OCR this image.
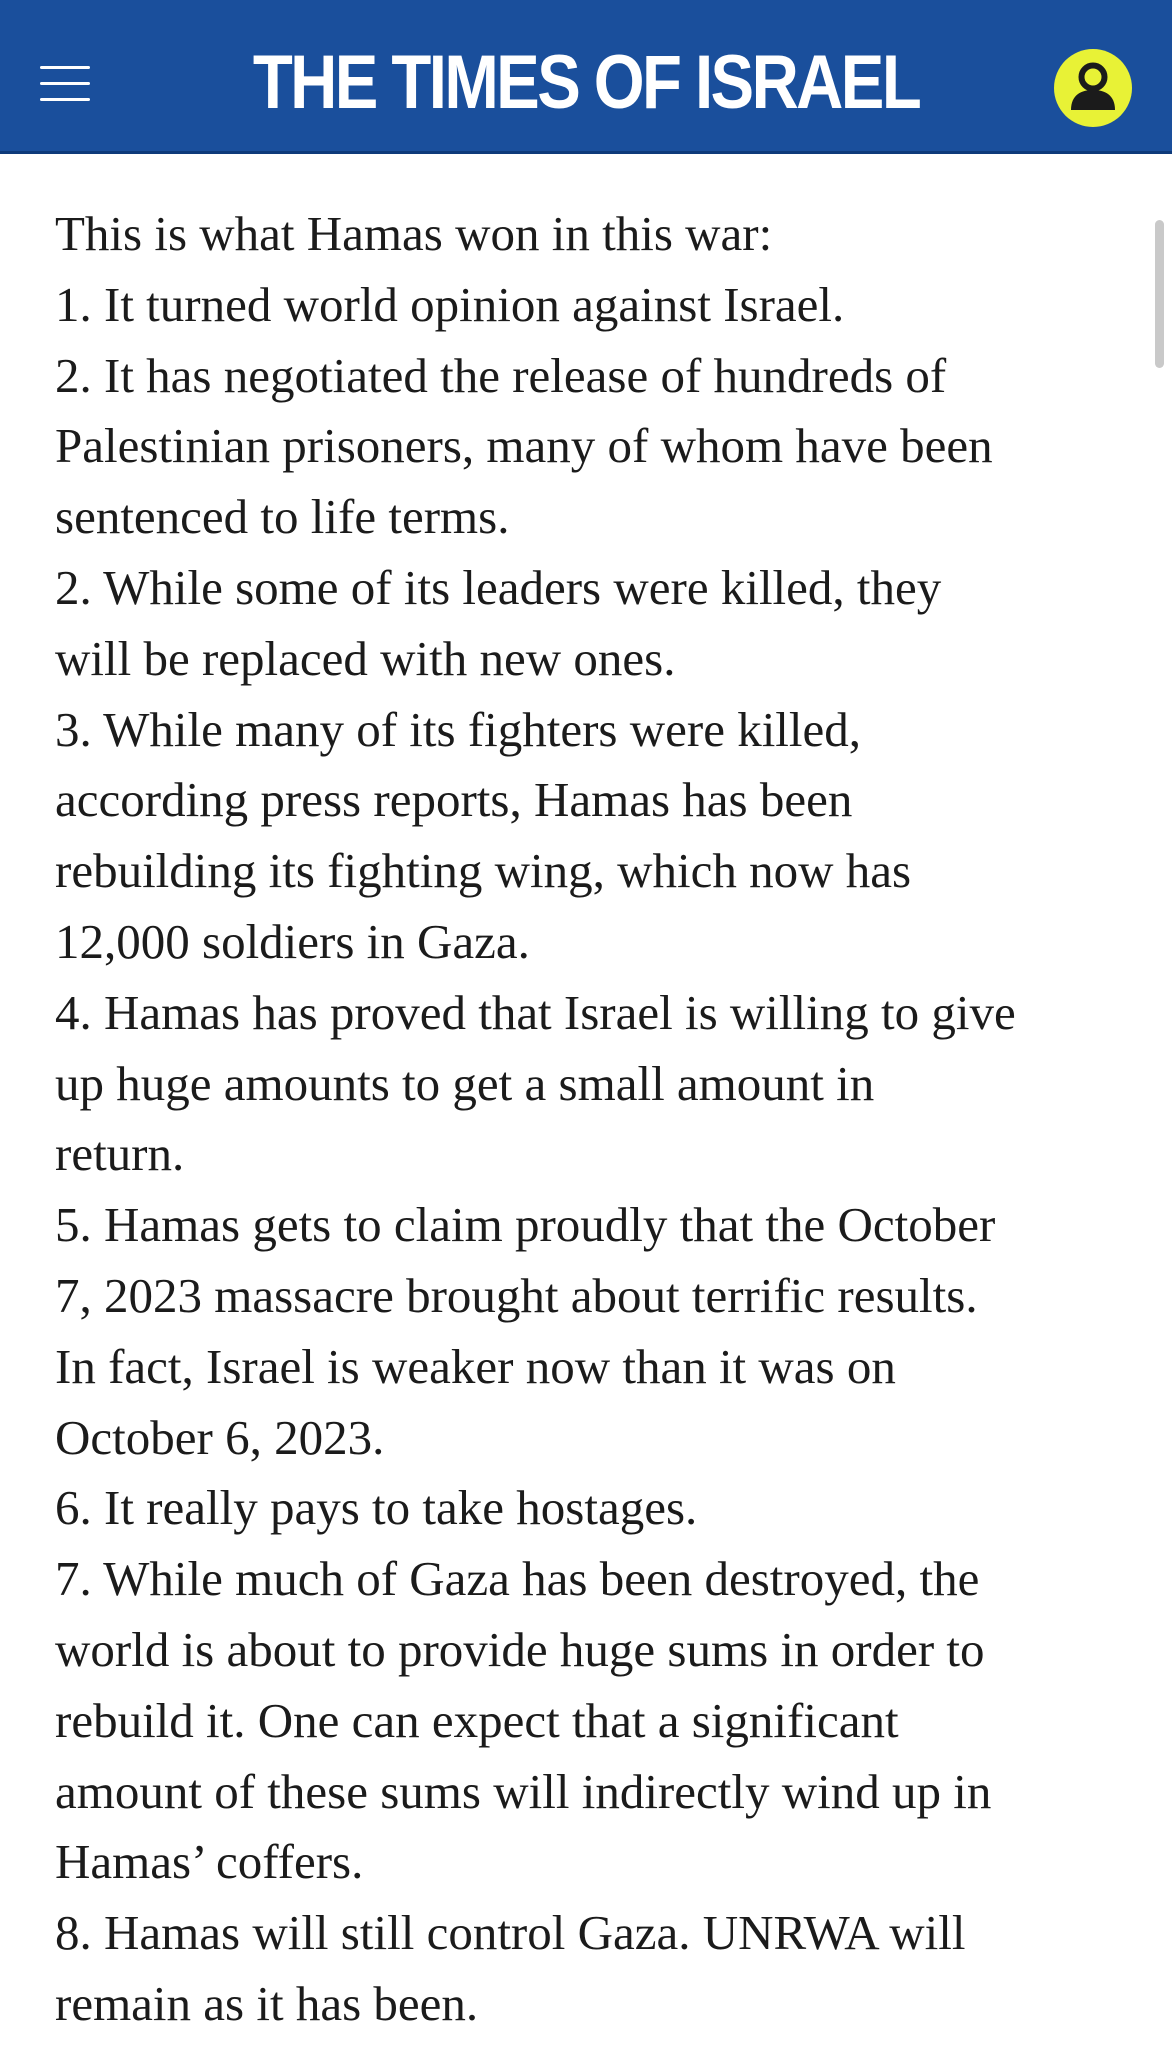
THE TIMES OF ISRAEL

This is what Hamas won in this war:

1. It turned world opinion against Israel.

2. It has negotiated the release of hundreds of

Palestinian prisoners, many of whom have been

sentenced to life terms.

2. While some of its leaders were killed, they

will be replaced with new ones.

3. While many of its fighters were killed,

according press reports, Hamas has been

rebuilding its fighting wing, which now has

12,000 soldiers in Gaza.

4. Hamas has proved that Israel is willing to give

up huge amounts to get a small amount in

return.

5. Hamas gets to claim proudly that the October

7, 2023 massacre brought about terrific results.

In fact, Israel is weaker now than it was on

October 6, 2023.

6. It really pays to take hostages.

7. While much of Gaza has been destroyed, the

world is about to provide huge sums in order to

rebuild it. One can expect that a significant

amount of these sums will indirectly wind up in

Hamas’ coffers.

8. Hamas will still control Gaza. UNRWA will

remain as it has been.
